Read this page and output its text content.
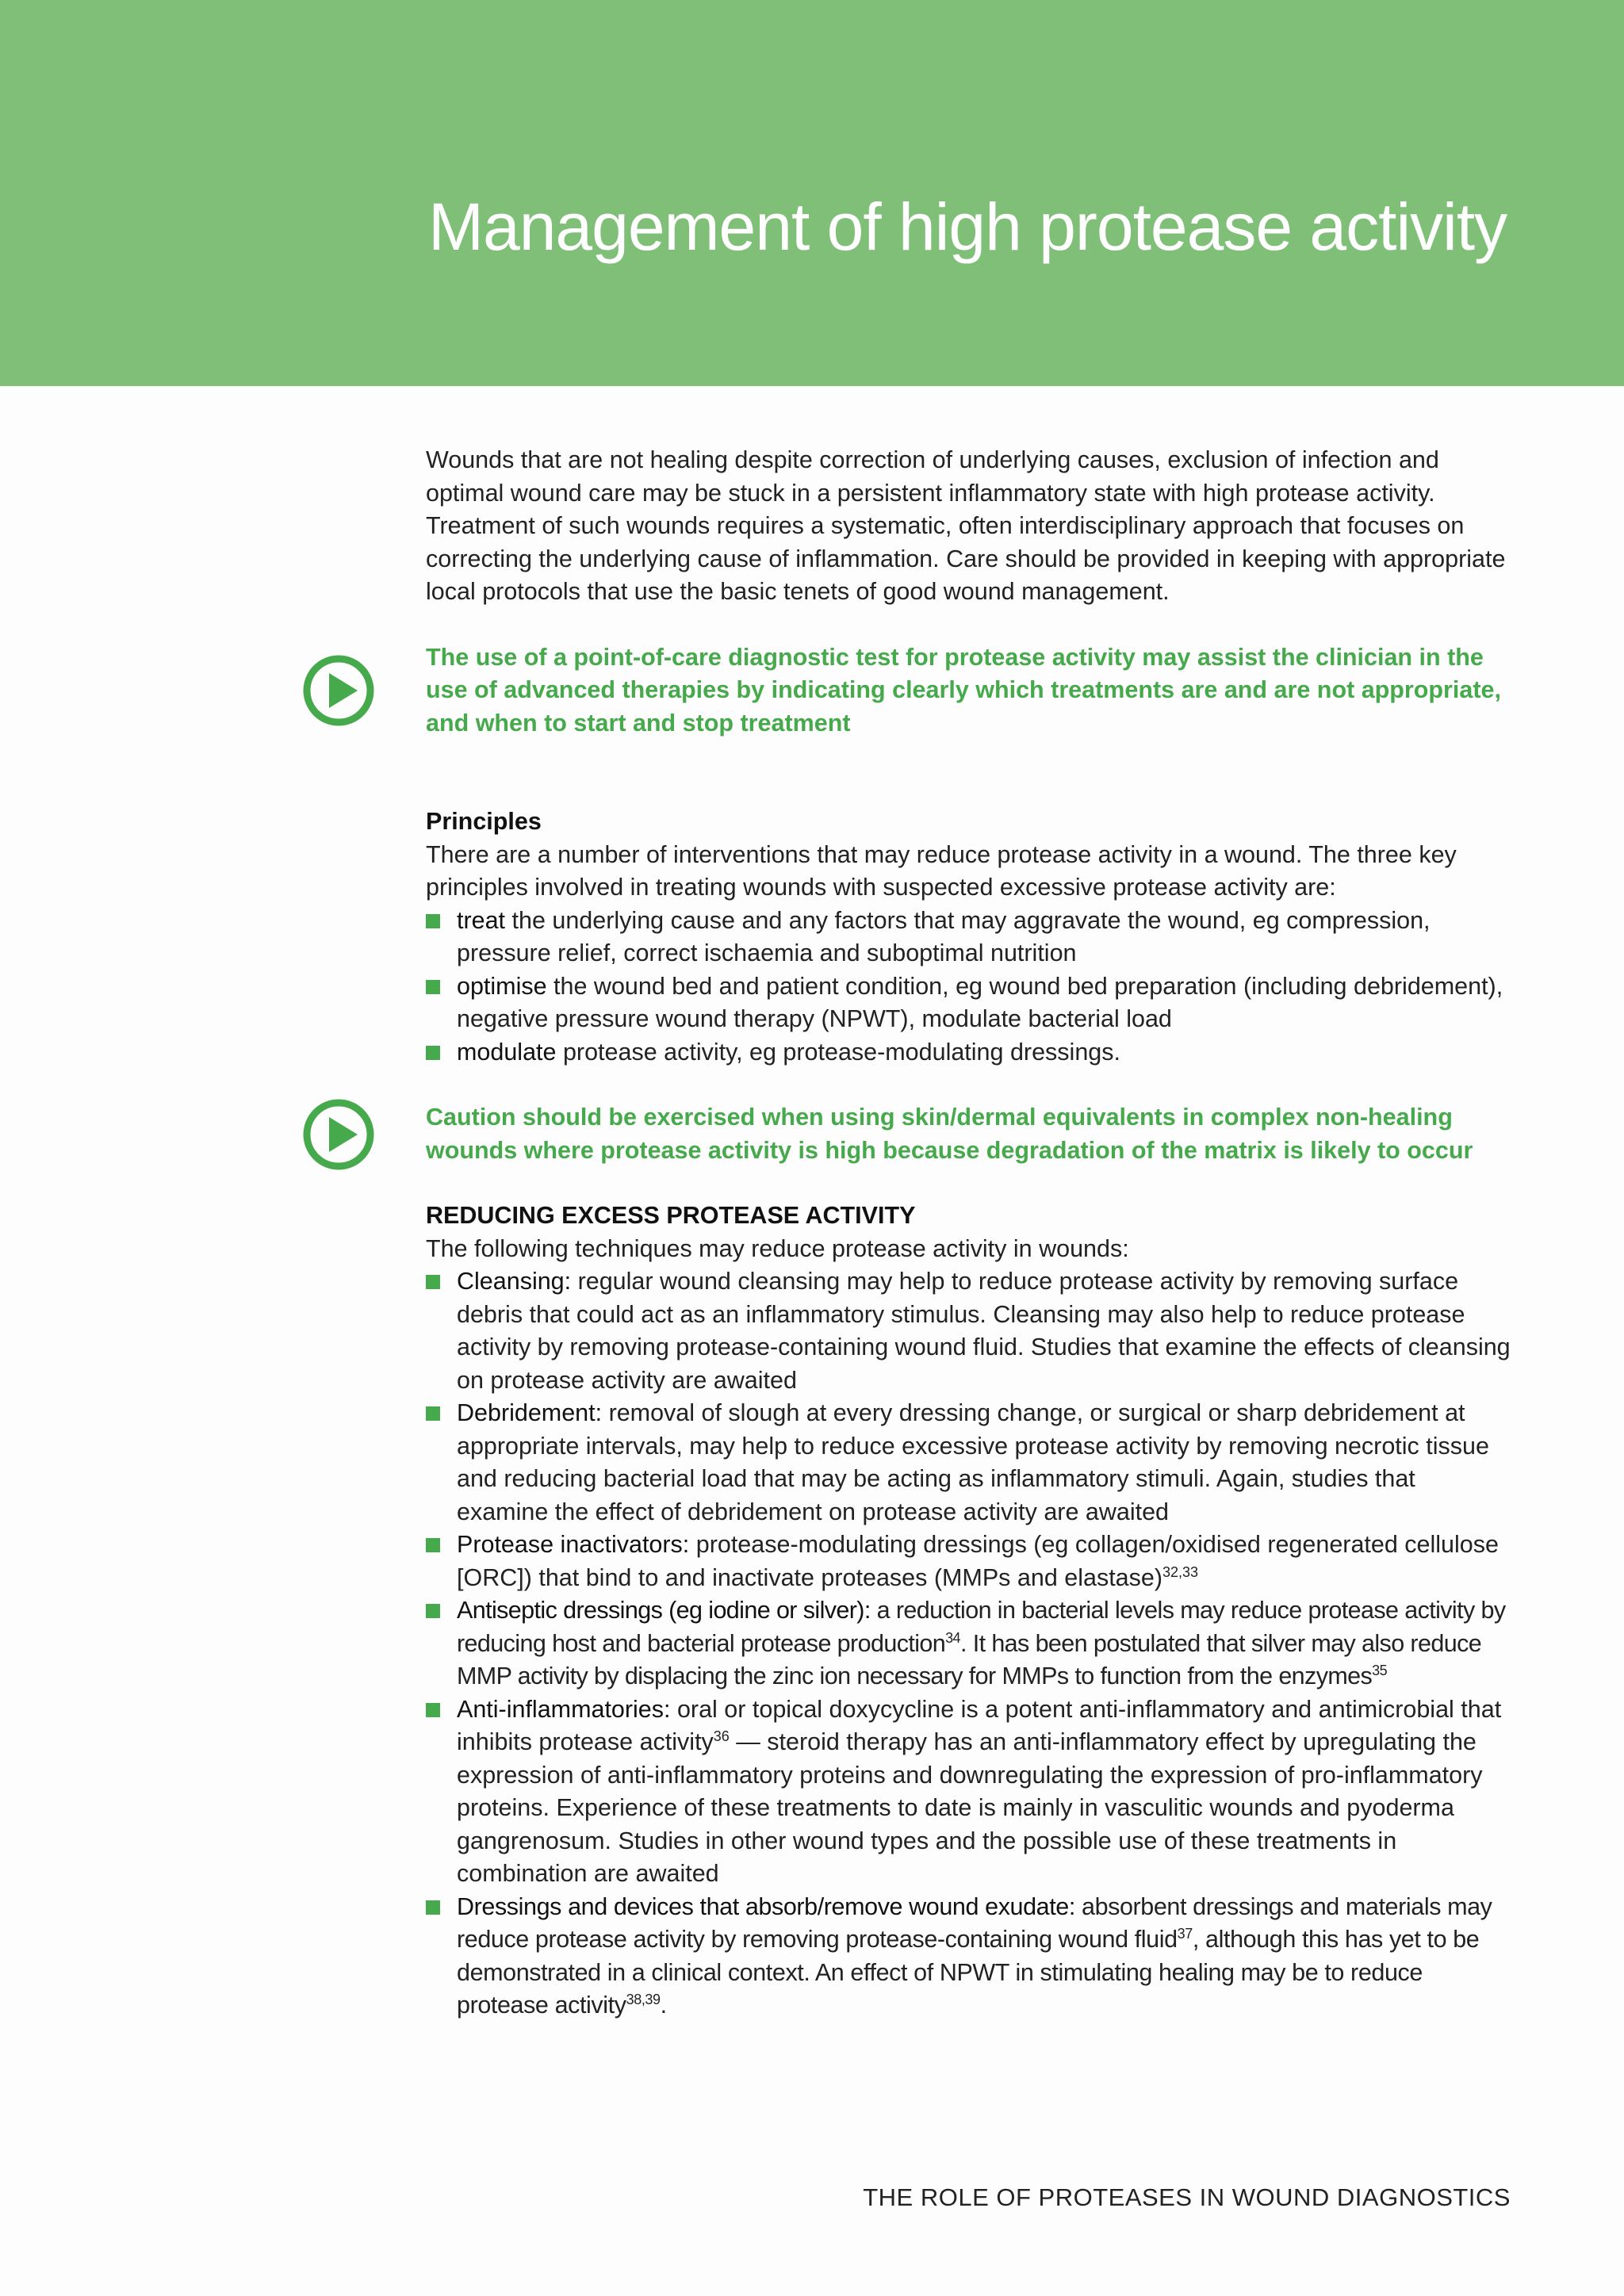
Management of high protease activity

Wounds that are not healing despite correction of underlying causes, exclusion of infection and optimal wound care may be stuck in a persistent inflammatory state with high protease activity. Treatment of such wounds requires a systematic, often interdisciplinary approach that focuses on correcting the underlying cause of inflammation. Care should be provided in keeping with appropriate local protocols that use the basic tenets of good wound management.

The use of a point-of-care diagnostic test for protease activity may assist the clinician in the use of advanced therapies by indicating clearly which treatments are and are not appropriate, and when to start and stop treatment
Principles

There are a number of interventions that may reduce protease activity in a wound. The three key principles involved in treating wounds with suspected excessive protease activity are:

treat the underlying cause and any factors that may aggravate the wound, eg compression, pressure relief, correct ischaemia and suboptimal nutrition
optimise the wound bed and patient condition, eg wound bed preparation (including debridement), negative pressure wound therapy (NPWT), modulate bacterial load
modulate protease activity, eg protease-modulating dressings.
Caution should be exercised when using skin/dermal equivalents in complex non-healing wounds where protease activity is high because degradation of the matrix is likely to occur
REDUCING EXCESS PROTEASE ACTIVITY

The following techniques may reduce protease activity in wounds:

Cleansing: regular wound cleansing may help to reduce protease activity by removing surface debris that could act as an inflammatory stimulus. Cleansing may also help to reduce protease activity by removing protease-containing wound fluid. Studies that examine the effects of cleansing on protease activity are awaited
Debridement: removal of slough at every dressing change, or surgical or sharp debridement at appropriate intervals, may help to reduce excessive protease activity by removing necrotic tissue and reducing bacterial load that may be acting as inflammatory stimuli. Again, studies that examine the effect of debridement on protease activity are awaited
Protease inactivators: protease-modulating dressings (eg collagen/oxidised regenerated cellulose [ORC]) that bind to and inactivate proteases (MMPs and elastase)$^{32,33}$
Antiseptic dressings (eg iodine or silver): a reduction in bacterial levels may reduce protease activity by reducing host and bacterial protease production$^{34}$. It has been postulated that silver may also reduce MMP activity by displacing the zinc ion necessary for MMPs to function from the enzymes$^{35}$
Anti-inflammatories: oral or topical doxycycline is a potent anti-inflammatory and antimicrobial that inhibits protease activity$^{36}$ — steroid therapy has an anti-inflammatory effect by upregulating the expression of anti-inflammatory proteins and downregulating the expression of pro-inflammatory proteins. Experience of these treatments to date is mainly in vasculitic wounds and pyoderma gangrenosum. Studies in other wound types and the possible use of these treatments in combination are awaited
Dressings and devices that absorb/remove wound exudate: absorbent dressings and materials may reduce protease activity by removing protease-containing wound fluid$^{37}$, although this has yet to be demonstrated in a clinical context. An effect of NPWT in stimulating healing may be to reduce protease activity$^{38,39}$.
THE ROLE OF PROTEASES IN WOUND DIAGNOSTICS
